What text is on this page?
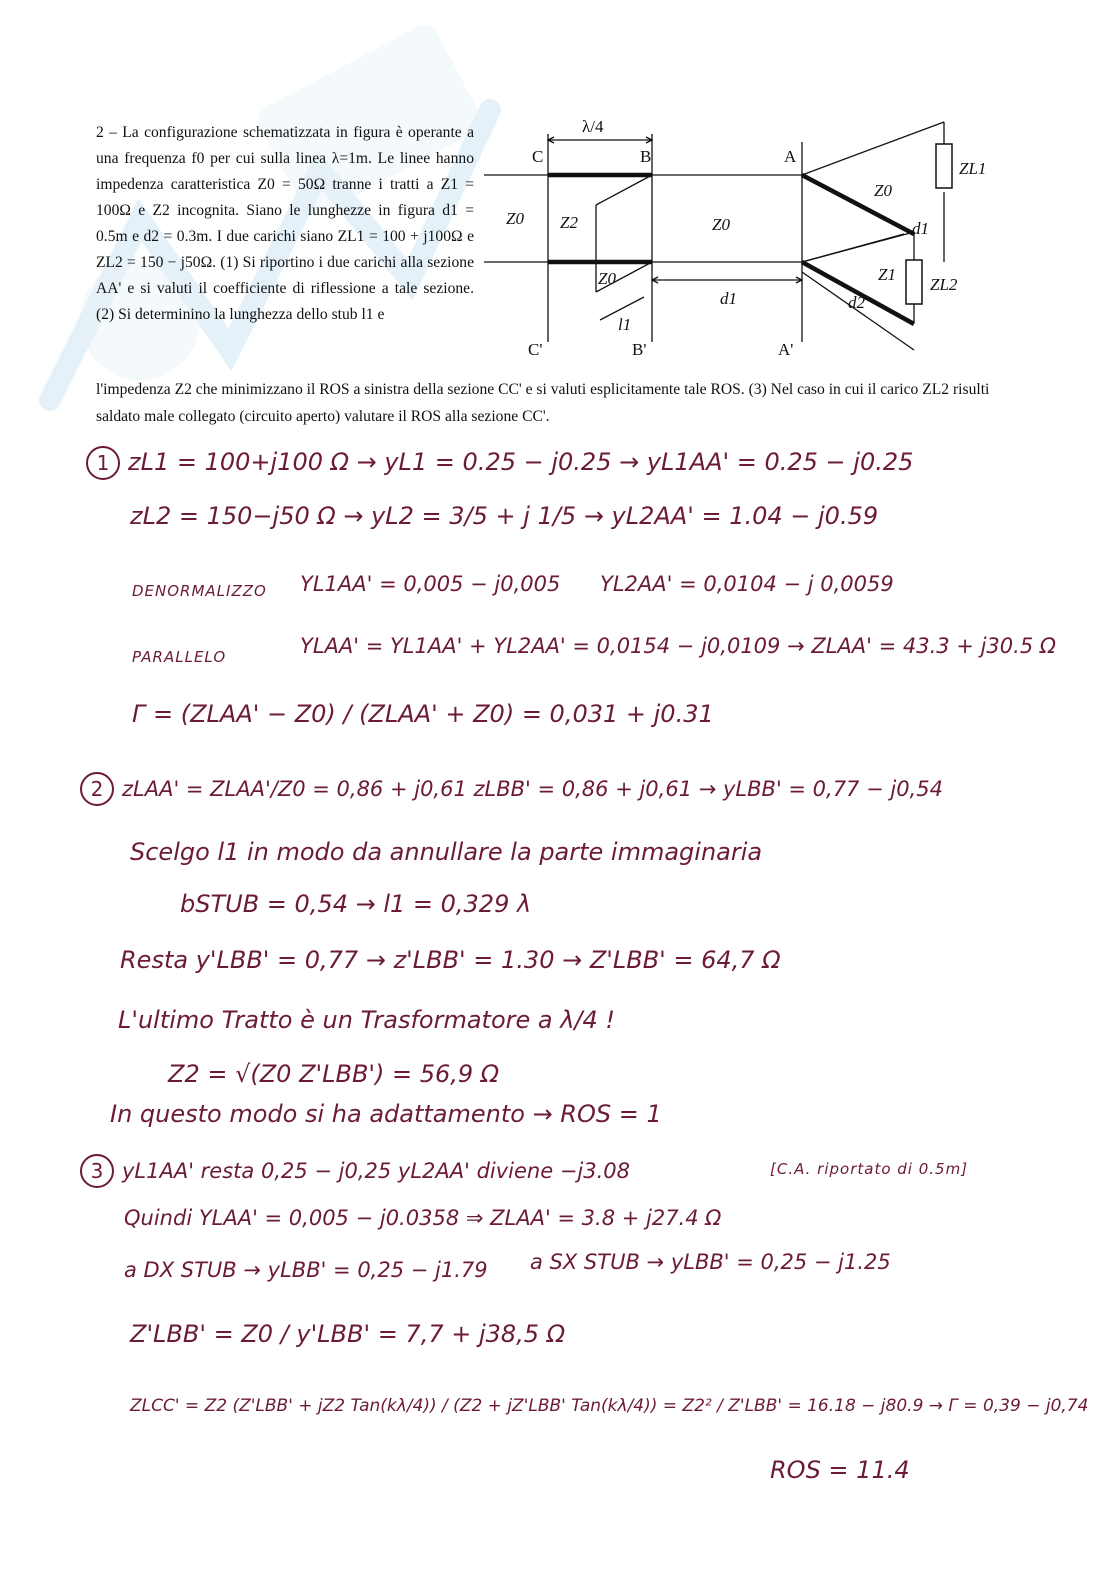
2 – La configurazione schematizzata in figura è operante a una frequenza f0 per cui sulla linea λ=1m. Le linee hanno impedenza caratteristica Z0 = 50Ω tranne i tratti a Z1 = 100Ω e Z2 incognita. Siano le lunghezze in figura d1 = 0.5m e d2 = 0.3m. I due carichi siano ZL1 = 100 + j100Ω e ZL2 = 150 − j50Ω. (1) Si riportino i due carichi alla sezione AA' e si valuti il coefficiente di riflessione a tale sezione. (2) Si determinino la lunghezza dello stub l1 e

l'impedenza Z2 che minimizzano il ROS a sinistra della sezione CC' e si valuti esplicitamente tale ROS. (3) Nel caso in cui il carico ZL2 risulti saldato male collegato (circuito aperto) valutare il ROS alla sezione CC'.

λ/4
C	B	A
C'	B'	A'
Z0 Z2	Z0
Z0
Z0
Z1
ZL1
ZL2
l1
d1
d1
d2
1 zL1 = 100+j100 Ω → yL1 = 0.25 − j0.25 → yL1AA' = 0.25 − j0.25
zL2 = 150−j50 Ω → yL2 = 3/5 + j 1/5 → yL2AA' = 1.04 − j0.59
DENORMALIZZO YL1AA' = 0,005 − j0,005 YL2AA' = 0,0104 − j 0,0059
PARALLELO	YLAA' = YL1AA' + YL2AA' = 0,0154 − j0,0109 → ZLAA' = 43.3 + j30.5 Ω
Γ = (ZLAA' − Z0) / (ZLAA' + Z0) = 0,031 + j0.31
2 zLAA' = ZLAA'/Z0 = 0,86 + j0,61 zLBB' = 0,86 + j0,61 → yLBB' = 0,77 − j0,54
Scelgo l1 in modo da annullare la parte immaginaria
bSTUB = 0,54 → l1 = 0,329 λ
Resta y'LBB' = 0,77 → z'LBB' = 1.30 → Z'LBB' = 64,7 Ω
L'ultimo Tratto è un Trasformatore a λ/4 !
Z2 = √(Z0 Z'LBB') = 56,9 Ω
In questo modo si ha adattamento → ROS = 1
3 yL1AA' resta 0,25 − j0,25 yL2AA' diviene −j3.08	[C.A. riportato di 0.5m]
Quindi YLAA' = 0,005 − j0.0358 ⇒ ZLAA' = 3.8 + j27.4 Ω
a DX STUB → yLBB' = 0,25 − j1.79 a SX STUB → yLBB' = 0,25 − j1.25
Z'LBB' = Z0 / y'LBB' = 7,7 + j38,5 Ω
ZLCC' = Z2 (Z'LBB' + jZ2 Tan(kλ/4)) / (Z2 + jZ'LBB' Tan(kλ/4)) = Z2² / Z'LBB' = 16.18 − j80.9 → Γ = 0,39 − j0,74
ROS = 11.4
